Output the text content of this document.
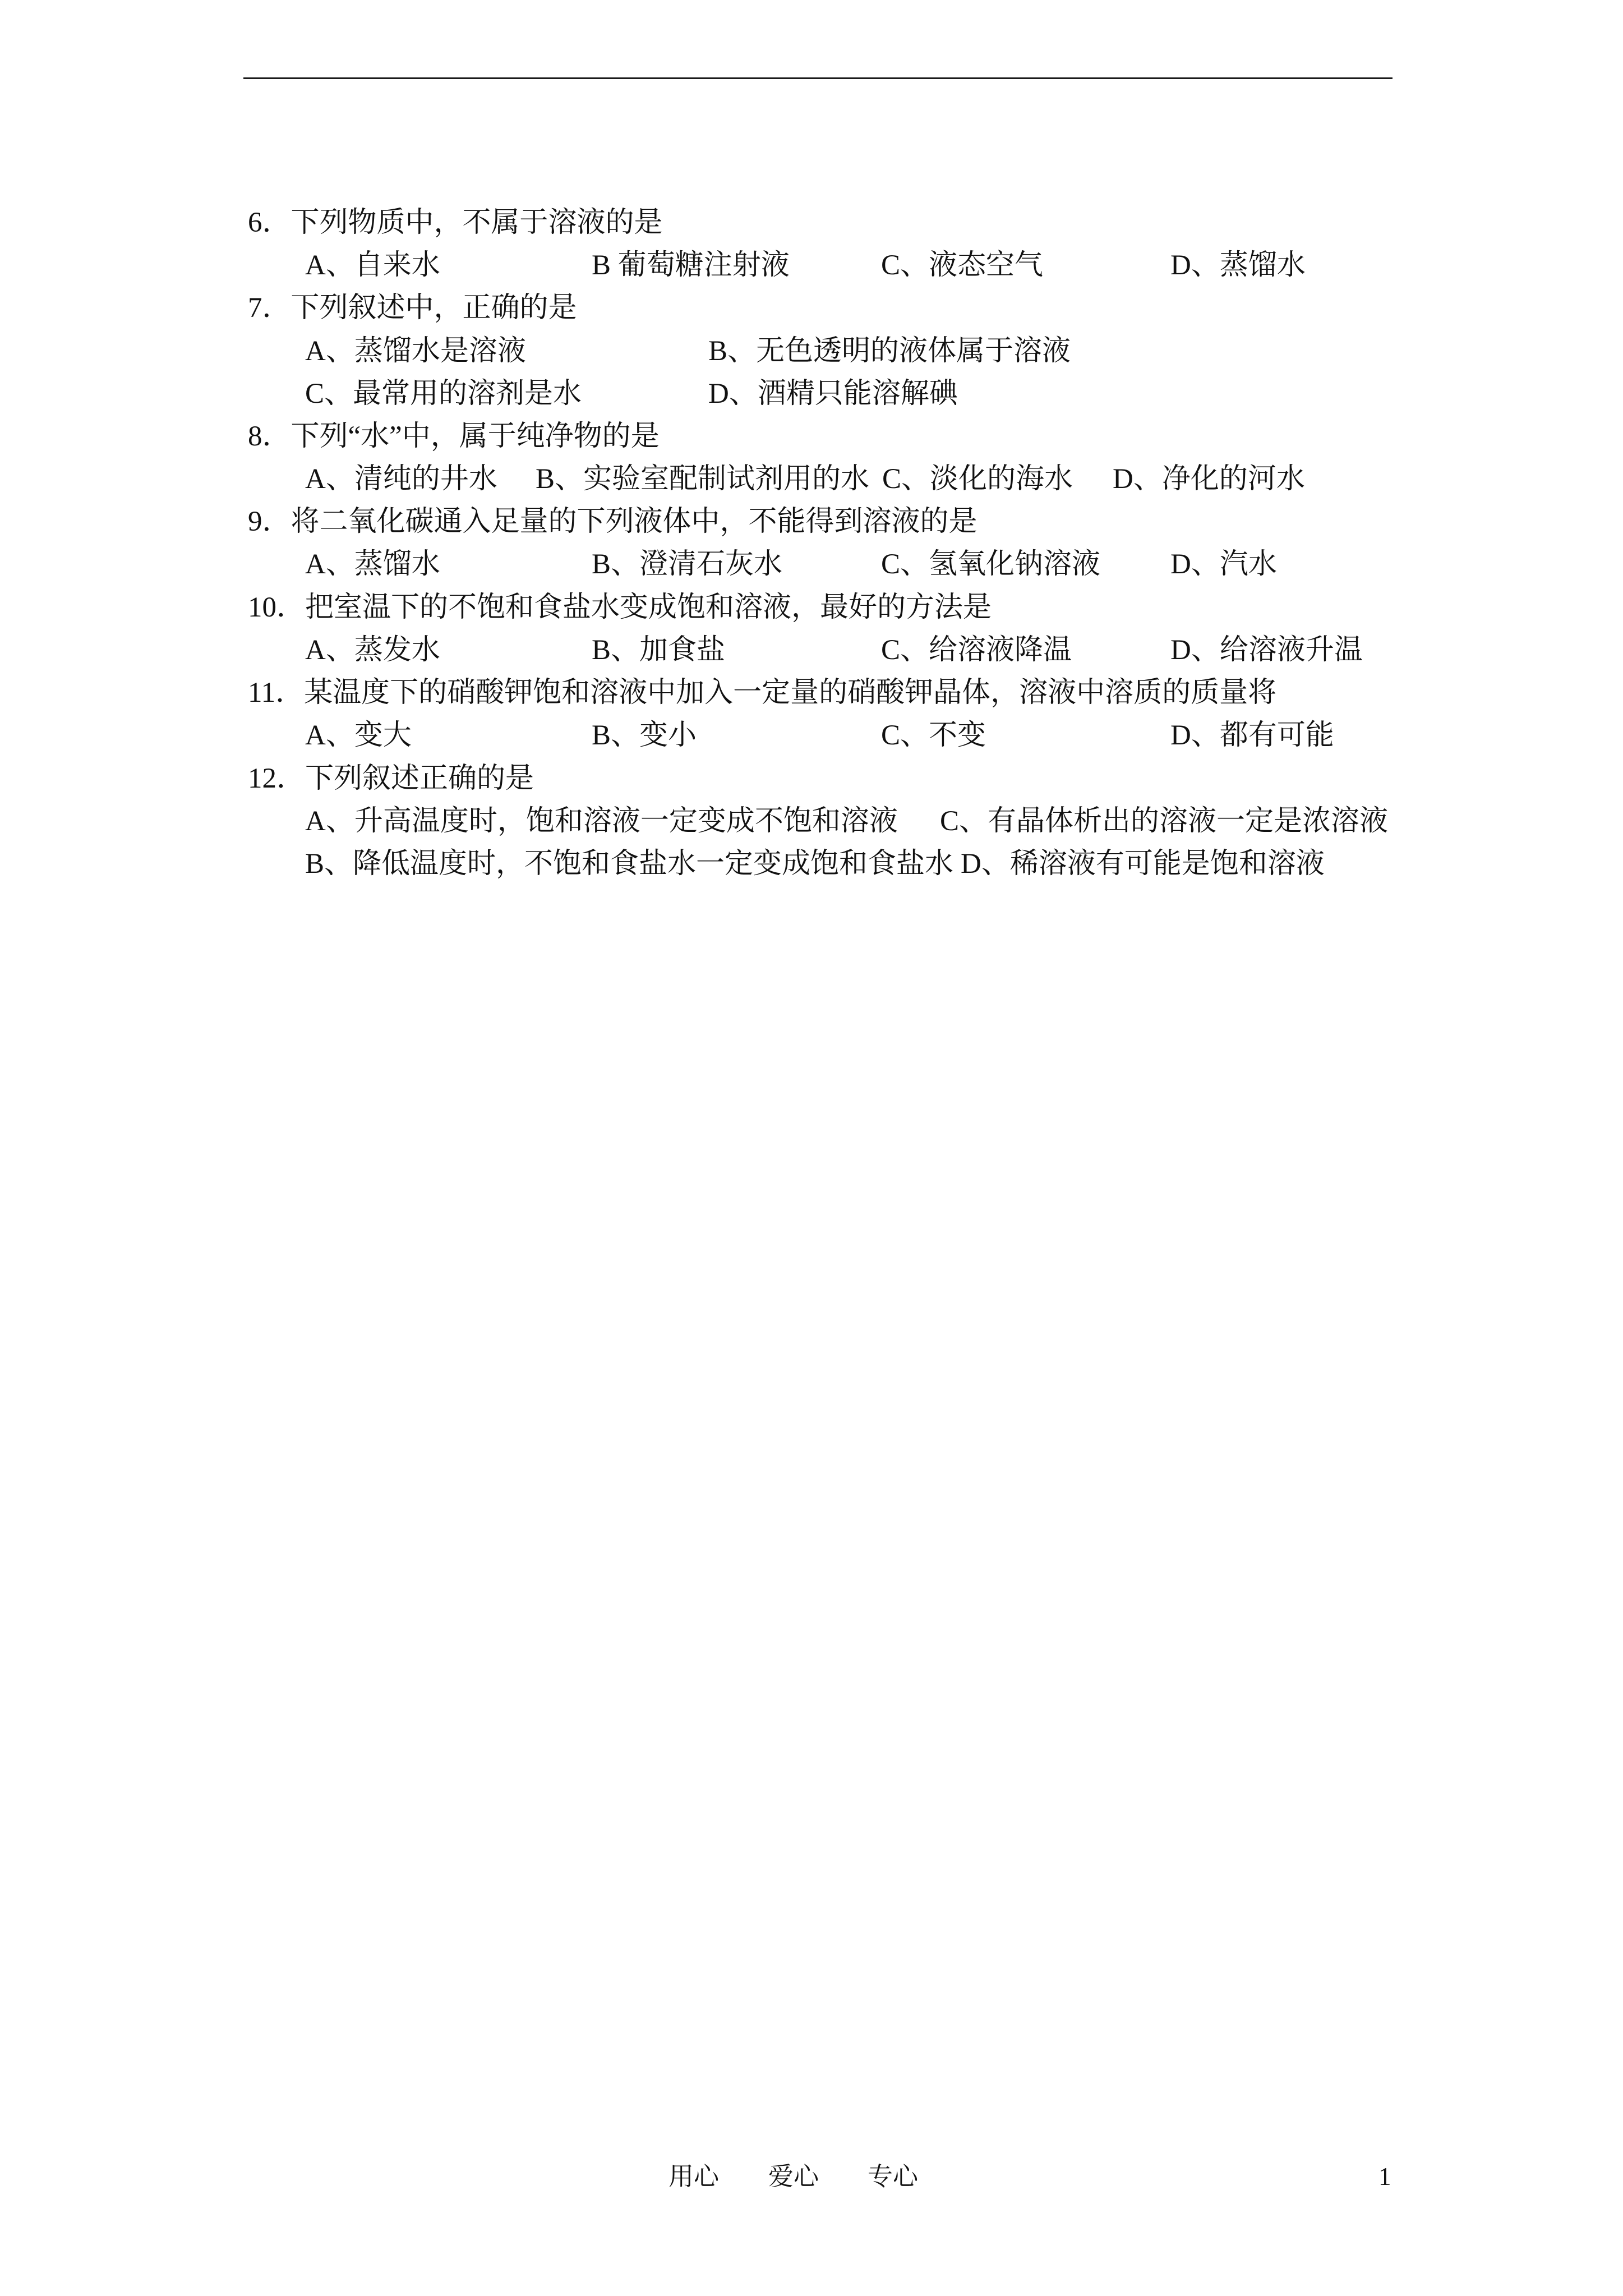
6．下列物质中，不属于溶液的是
A、自来水	B 葡萄糖注射液	C、液态空气	D、蒸馏水
7．下列叙述中，正确的是
A、蒸馏水是溶液	B、无色透明的液体属于溶液
C、最常用的溶剂是水	D、酒精只能溶解碘
8．下列“水”中，属于纯净物的是
A、清纯的井水 B、实验室配制试剂用的水 C、淡化的海水 D、净化的河水
9．将二氧化碳通入足量的下列液体中，不能得到溶液的是
A、蒸馏水	B、澄清石灰水	C、氢氧化钠溶液 D、汽水
10．把室温下的不饱和食盐水变成饱和溶液，最好的方法是
A、蒸发水	B、加食盐	C、给溶液降温	D、给溶液升温
11．某温度下的硝酸钾饱和溶液中加入一定量的硝酸钾晶体，溶液中溶质的质量将
A、变大	B、变小	C、不变	D、都有可能
12．下列叙述正确的是
A、升高温度时，饱和溶液一定变成不饱和溶液 C、有晶体析出的溶液一定是浓溶液
B、降低温度时，不饱和食盐水一定变成饱和食盐水 D、稀溶液有可能是饱和溶液
用心 爱心 专心	1
